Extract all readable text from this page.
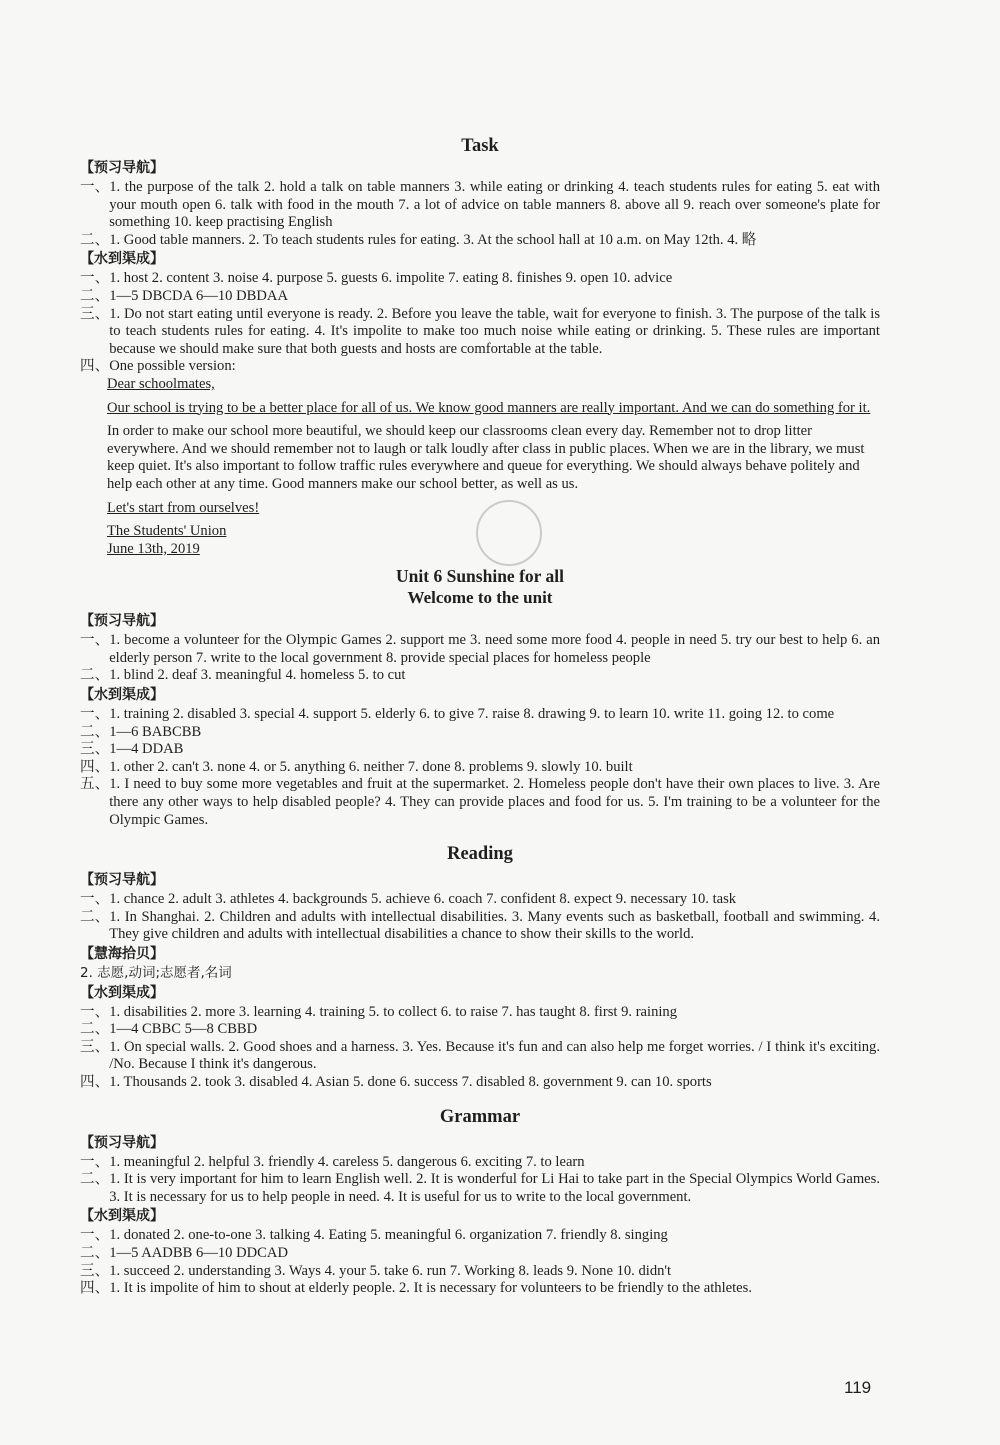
Task
【预习导航】
一、 1. the purpose of the talk 2. hold a talk on table manners 3. while eating or drinking 4. teach students rules for eating 5. eat with your mouth open 6. talk with food in the mouth 7. a lot of advice on table manners 8. above all 9. reach over someone's plate for something 10. keep practising English
二、 1. Good table manners. 2. To teach students rules for eating. 3. At the school hall at 10 a.m. on May 12th. 4. 略
【水到渠成】
一、 1. host 2. content 3. noise 4. purpose 5. guests 6. impolite 7. eating 8. finishes 9. open 10. advice
二、 1—5 DBCDA 6—10 DBDAA
三、 1. Do not start eating until everyone is ready. 2. Before you leave the table, wait for everyone to finish. 3. The purpose of the talk is to teach students rules for eating. 4. It's impolite to make too much noise while eating or drinking. 5. These rules are important because we should make sure that both guests and hosts are comfortable at the table.
四、 One possible version:

Dear schoolmates,

Our school is trying to be a better place for all of us. We know good manners are really important. And we can do something for it.

In order to make our school more beautiful, we should keep our classrooms clean every day. Remember not to drop litter everywhere. And we should remember not to laugh or talk loudly after class in public places. When we are in the library, we must keep quiet. It's also important to follow traffic rules everywhere and queue for everything. We should always behave politely and help each other at any time. Good manners make our school better, as well as us.

Let's start from ourselves!

The Students' Union
June 13th, 2019
Unit 6 Sunshine for all
Welcome to the unit
【预习导航】
一、 1. become a volunteer for the Olympic Games 2. support me 3. need some more food 4. people in need 5. try our best to help 6. an elderly person 7. write to the local government 8. provide special places for homeless people
二、 1. blind 2. deaf 3. meaningful 4. homeless 5. to cut
【水到渠成】
一、 1. training 2. disabled 3. special 4. support 5. elderly 6. to give 7. raise 8. drawing 9. to learn 10. write 11. going 12. to come
二、 1—6 BABCBB
三、 1—4 DDAB
四、 1. other 2. can't 3. none 4. or 5. anything 6. neither 7. done 8. problems 9. slowly 10. built
五、 1. I need to buy some more vegetables and fruit at the supermarket. 2. Homeless people don't have their own places to live. 3. Are there any other ways to help disabled people? 4. They can provide places and food for us. 5. I'm training to be a volunteer for the Olympic Games.
Reading
【预习导航】
一、 1. chance 2. adult 3. athletes 4. backgrounds 5. achieve 6. coach 7. confident 8. expect 9. necessary 10. task
二、 1. In Shanghai. 2. Children and adults with intellectual disabilities. 3. Many events such as basketball, football and swimming. 4. They give children and adults with intellectual disabilities a chance to show their skills to the world.
【慧海拾贝】
2. 志愿,动词;志愿者,名词
【水到渠成】
一、 1. disabilities 2. more 3. learning 4. training 5. to collect 6. to raise 7. has taught 8. first 9. raining
二、 1—4 CBBC 5—8 CBBD
三、 1. On special walls. 2. Good shoes and a harness. 3. Yes. Because it's fun and can also help me forget worries. / I think it's exciting. /No. Because I think it's dangerous.
四、 1. Thousands 2. took 3. disabled 4. Asian 5. done 6. success 7. disabled 8. government 9. can 10. sports
Grammar
【预习导航】
一、 1. meaningful 2. helpful 3. friendly 4. careless 5. dangerous 6. exciting 7. to learn
二、 1. It is very important for him to learn English well. 2. It is wonderful for Li Hai to take part in the Special Olympics World Games. 3. It is necessary for us to help people in need. 4. It is useful for us to write to the local government.
【水到渠成】
一、 1. donated 2. one-to-one 3. talking 4. Eating 5. meaningful 6. organization 7. friendly 8. singing
二、 1—5 AADBB 6—10 DDCAD
三、 1. succeed 2. understanding 3. Ways 4. your 5. take 6. run 7. Working 8. leads 9. None 10. didn't
四、 1. It is impolite of him to shout at elderly people. 2. It is necessary for volunteers to be friendly to the athletes.
119
